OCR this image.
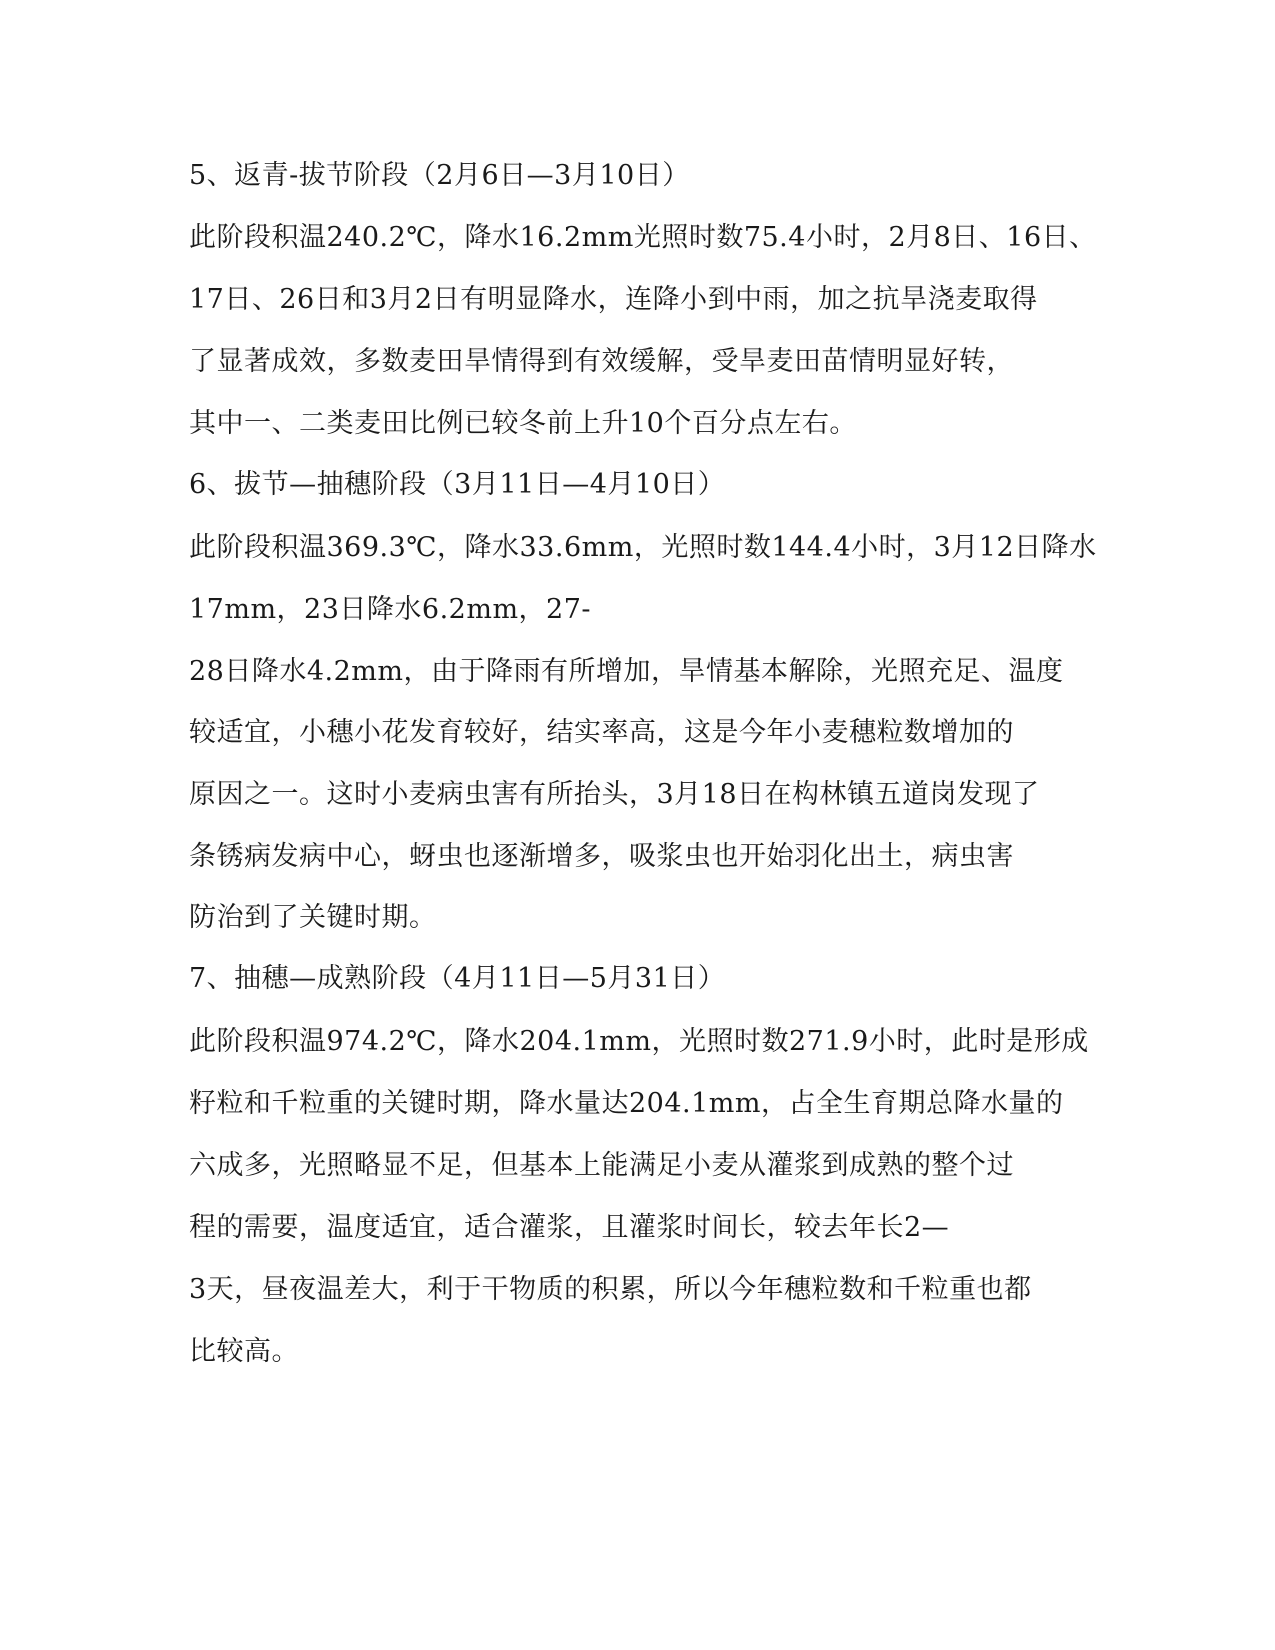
5、返青-拔节阶段（2月6日—3月10日）
此阶段积温240.2℃，降水16.2mm光照时数75.4小时，2月8日、16日、
17日、26日和3月2日有明显降水，连降小到中雨，加之抗旱浇麦取得
了显著成效，多数麦田旱情得到有效缓解，受旱麦田苗情明显好转，
其中一、二类麦田比例已较冬前上升10个百分点左右。
6、拔节—抽穗阶段（3月11日—4月10日）
此阶段积温369.3℃，降水33.6mm，光照时数144.4小时，3月12日降水
17mm，23日降水6.2mm，27-
28日降水4.2mm，由于降雨有所增加，旱情基本解除，光照充足、温度
较适宜，小穗小花发育较好，结实率高，这是今年小麦穗粒数增加的
原因之一。这时小麦病虫害有所抬头，3月18日在构林镇五道岗发现了
条锈病发病中心，蚜虫也逐渐增多，吸浆虫也开始羽化出土，病虫害
防治到了关键时期。
7、抽穗—成熟阶段（4月11日—5月31日）
此阶段积温974.2℃，降水204.1mm，光照时数271.9小时，此时是形成
籽粒和千粒重的关键时期，降水量达204.1mm，占全生育期总降水量的
六成多，光照略显不足，但基本上能满足小麦从灌浆到成熟的整个过
程的需要，温度适宜，适合灌浆，且灌浆时间长，较去年长2—
3天，昼夜温差大，利于干物质的积累，所以今年穗粒数和千粒重也都
比较高。
